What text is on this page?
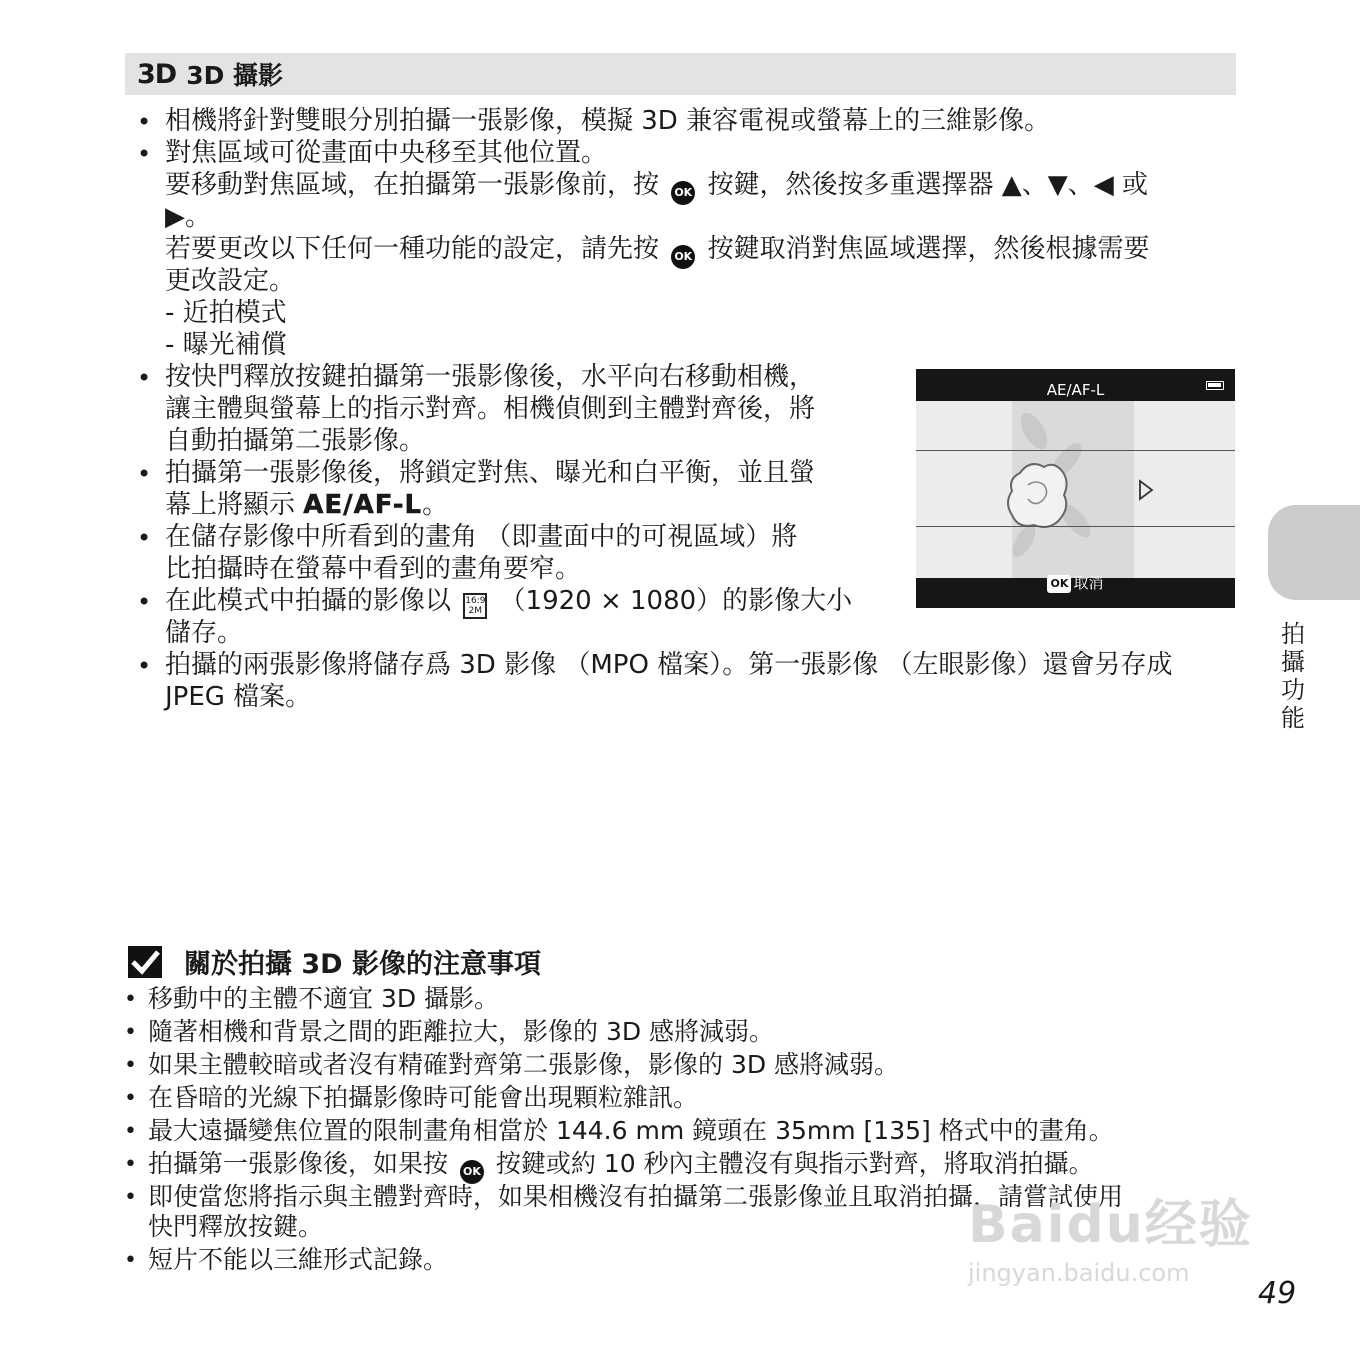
3D 3D 攝影
• 相機將針對雙眼分別拍攝一張影像，模擬 3D 兼容電視或螢幕上的三維影像。
• 對焦區域可從畫面中央移至其他位置。
要移動對焦區域，在拍攝第一張影像前，按 OK 按鍵，然後按多重選擇器 ▲、▼、◀ 或
▶。
若要更改以下任何一種功能的設定，請先按 OK 按鍵取消對焦區域選擇，然後根據需要
更改設定。
- 近拍模式
- 曝光補償
• 按快門釋放按鍵拍攝第一張影像後，水平向右移動相機，
讓主體與螢幕上的指示對齊。相機偵側到主體對齊後，將
自動拍攝第二張影像。
• 拍攝第一張影像後，將鎖定對焦、曝光和白平衡，並且螢
幕上將顯示 AE/AF-L。
• 在儲存影像中所看到的畫角 （即畫面中的可視區域）將
比拍攝時在螢幕中看到的畫角要窄。
• 在此模式中拍攝的影像以 16:9
2M （1920 × 1080）的影像大小
儲存。
• 拍攝的兩張影像將儲存爲 3D 影像 （MPO 檔案）。第一張影像 （左眼影像）還會另存成
JPEG 檔案。
AE/AF-L
OK 取消
拍
攝
功
能
關於拍攝 3D 影像的注意事項
• 移動中的主體不適宜 3D 攝影。
• 隨著相機和背景之間的距離拉大，影像的 3D 感將減弱。
• 如果主體較暗或者沒有精確對齊第二張影像，影像的 3D 感將減弱。
• 在昏暗的光線下拍攝影像時可能會出現顆粒雜訊。
• 最大遠攝變焦位置的限制畫角相當於 144.6 mm 鏡頭在 35mm [135] 格式中的畫角。
• 拍攝第一張影像後，如果按 OK 按鍵或約 10 秒內主體沒有與指示對齊，將取消拍攝。
• 即使當您將指示與主體對齊時，如果相機沒有拍攝第二張影像並且取消拍攝，請嘗試使用
快門釋放按鍵。
• 短片不能以三維形式記錄。
Baidu经验
jingyan.baidu.com
49
